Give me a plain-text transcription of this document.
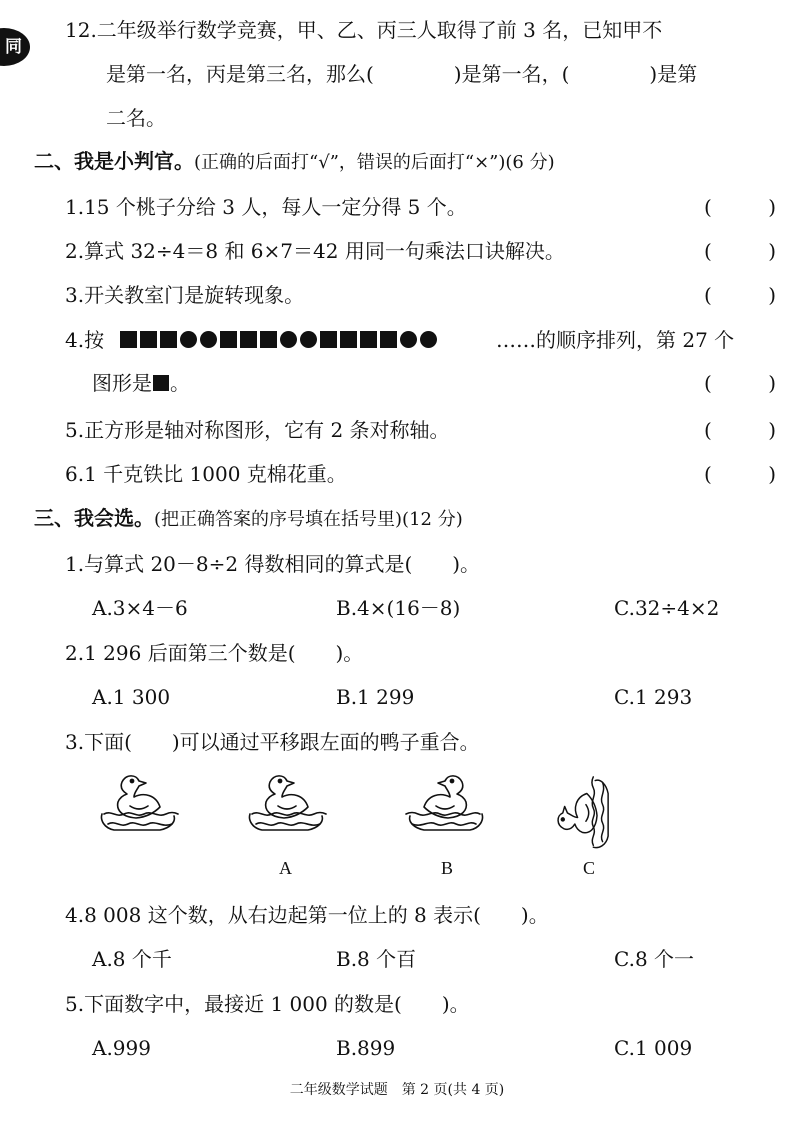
同
12.二年级举行数学竞赛，甲、乙、丙三人取得了前 3 名，已知甲不
是第一名，丙是第三名，那么(　　　　)是第一名，(　　　　)是第
二名。
二、我是小判官。(正确的后面打“√”，错误的后面打“×”)(6 分)
1.15 个桃子分给 3 人，每人一定分得 5 个。	(	)
2.算式 32÷4＝8 和 6×7＝42 用同一句乘法口诀解决。	(	)
3.开关教室门是旋转现象。	(	)
4.按	……的顺序排列，第 27 个
图形是 。	(	)
5.正方形是轴对称图形，它有 2 条对称轴。	(	)
6.1 千克铁比 1000 克棉花重。	(	)
三、我会选。(把正确答案的序号填在括号里)(12 分)
1.与算式 20－8÷2 得数相同的算式是(　　)。
A.3×4－6	B.4×(16－8)	C.32÷4×2
2.1 296 后面第三个数是(　　)。
A.1 300	B.1 299	C.1 293
3.下面(　　)可以通过平移跟左面的鸭子重合。
A	B	C
4.8 008 这个数，从右边起第一位上的 8 表示(　　)。
A.8 个千	B.8 个百	C.8 个一
5.下面数字中，最接近 1 000 的数是(　　)。
A.999	B.899	C.1 009
二年级数学试题　第 2 页(共 4 页)
